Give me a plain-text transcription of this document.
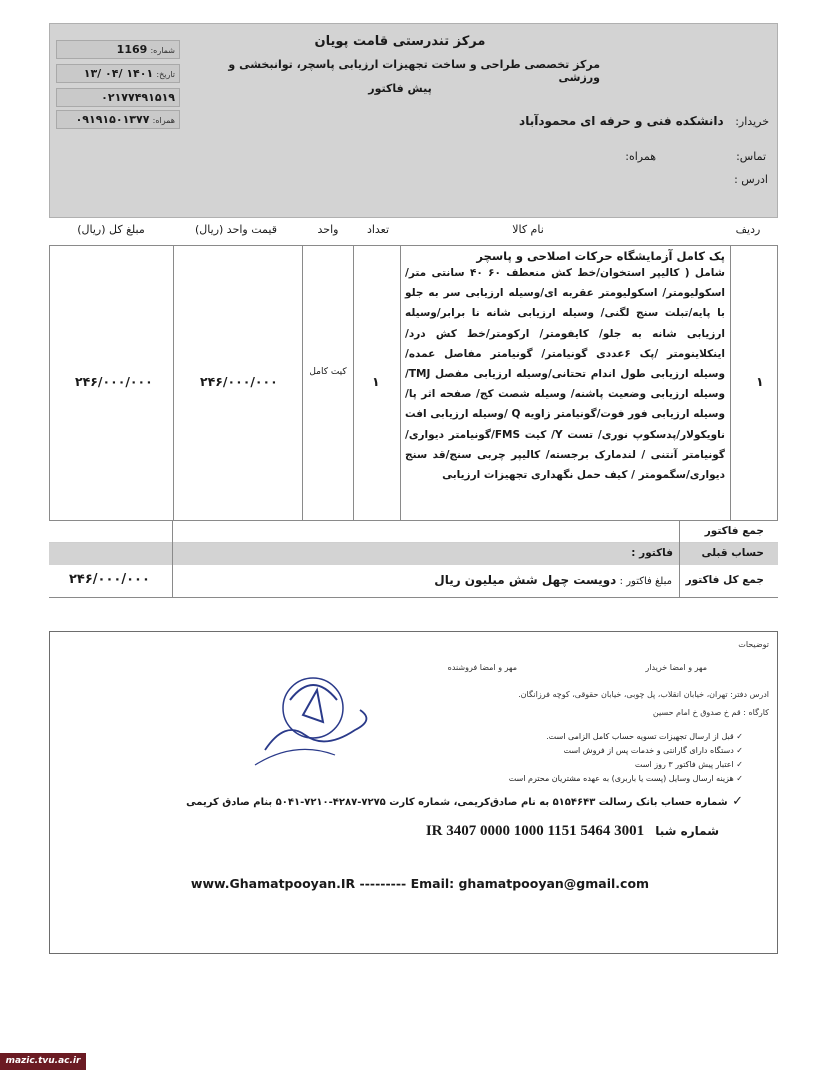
شماره: 1169
تاریخ: ۱۴۰۱ /۰۴ /۱۳
۰۲۱۷۷۴۹۱۵۱۹
همراه: ۰۹۱۹۱۵۰۱۳۷۷
مرکز تندرستی قامت پویان
مرکز تخصصی طراحی و ساخت تجهیزات ارزیابی پاسچر، توانبخشی و ورزشی
پیش فاکتور
خریدار: دانشکده فنی و حرفه ای محمودآباد
تماس:
همراه:
ادرس :
ردیف
نام کالا
تعداد
واحد
قیمت واحد (ریال)
مبلغ کل (ریال)
۱
پک کامل آزمایشگاه حرکات اصلاحی و پاسچر
شامل ( کالیپر استخوان/خط کش منعطف ۶۰ ۴۰ سانتی متر/ اسکولیومتر/ اسکولیومتر عقربه ای/وسیله ارزیابی سر به جلو با پایه/تبلت سنج لگنی/ وسیله ارزیابی شانه نا برابر/وسیله ارزیابی شانه به جلو/ کایفومتر/ ارکومتر/خط کش درد/ اینکلاینومتر /پک ۶عددی گونیامتر/ گونیامتر مفاصل عمده/ وسیله ارزیابی طول اندام تحتانی/وسیله ارزیابی مفصل TMJ/ وسیله ارزیابی وضعیت پاشنه/ وسیله شصت کج/ صفحه اثر پا/وسیله ارزیابی فور فوت/گونیامتر زاویه Q /وسیله ارزیابی افت ناویکولار/پدسکوپ نوری/ تست Y/ کیت FMS/گونیامتر دیواری/ گونیامتر آنتنی / لندمارک برجسته/ کالیپر چربی سنج/قد سنج دیواری/سگمومتر / کیف حمل نگهداری تجهیزات ارزیابی
۱
کیت کامل
۲۴۶/۰۰۰/۰۰۰
۲۴۶/۰۰۰/۰۰۰
جمع فاکتور
حساب قبلی
فاکتور :
جمع کل فاکتور
مبلغ فاکتور : دویست چهل شش میلیون ریال
۲۴۶/۰۰۰/۰۰۰
توضیحات
مهر و امضا خریدار
مهر و امضا فروشنده
ادرس دفتر: تهران، خیابان انقلاب، پل چوبی، خیابان حقوقی، کوچه فرزانگان.
کارگاه : قم خ صدوق خ امام حسین
✓ قبل از ارسال تجهیزات تسویه حساب کامل الزامی است.
✓ دستگاه دارای گارانتی و خدمات پس از فروش است
✓ اعتبار پیش فاکتور ۳ روز است
✓ هزینه ارسال وسایل (پست یا باربری) به عهده مشتریان محترم است
✓ شماره حساب بانک رسالت ۵۱۵۴۶۴۳ به نام صادق‌کریمی، شماره کارت ۷۲۷۵-۴۲۸۷-۷۲۱۰-۵۰۴۱ بنام صادق کریمی
شماره شبا IR 3407 0000 1000 1151 5464 3001
www.Ghamatpooyan.IR --------- Email: ghamatpooyan@gmail.com
mazic.tvu.ac.ir
